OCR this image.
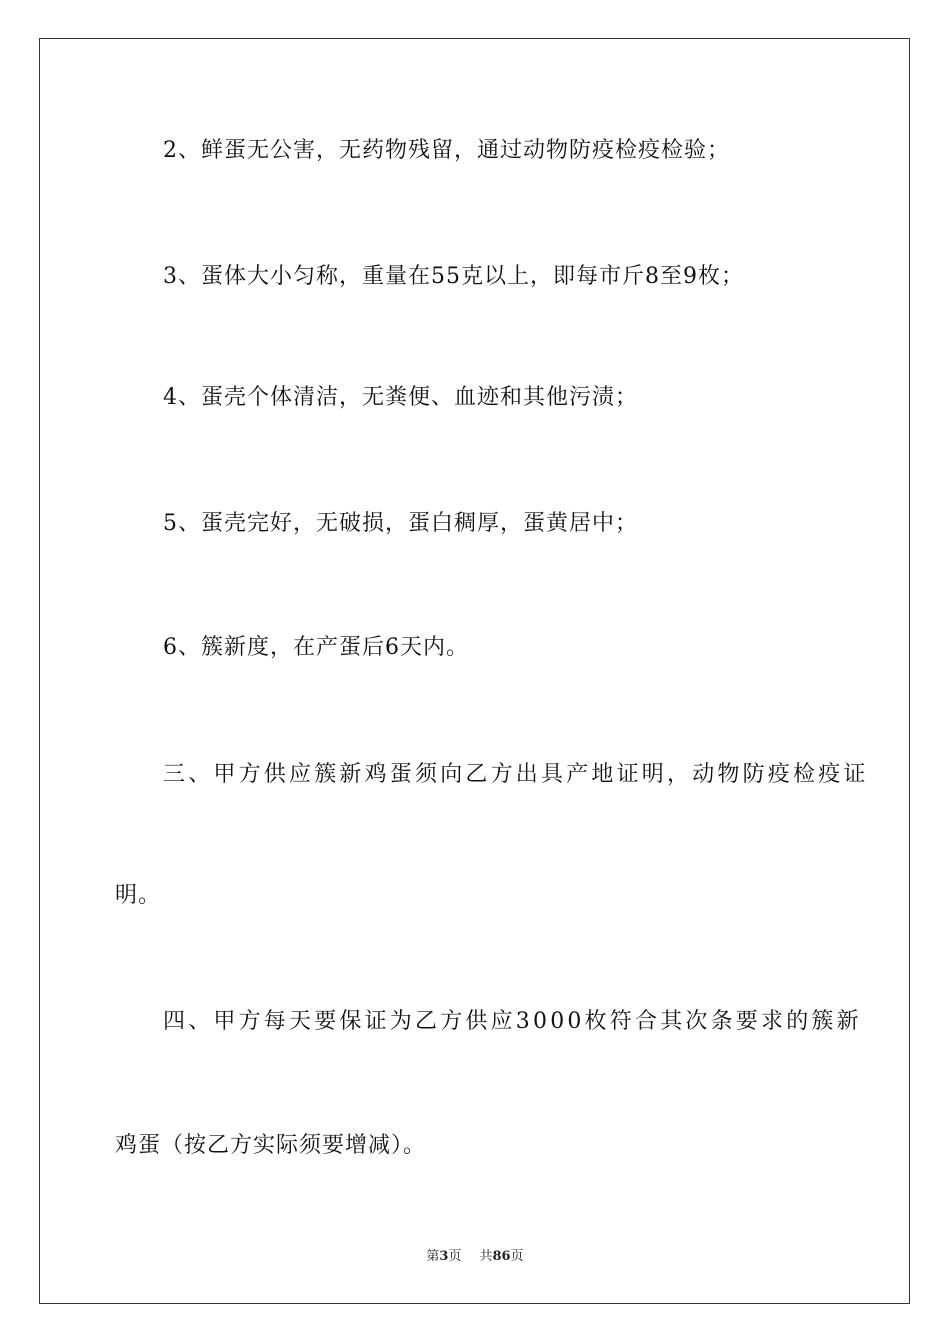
2、鲜蛋无公害，无药物残留，通过动物防疫检疫检验；
3、蛋体大小匀称，重量在55克以上，即每市斤8至9枚；
4、蛋壳个体清洁，无粪便、血迹和其他污渍；
5、蛋壳完好，无破损，蛋白稠厚，蛋黄居中；
6、簇新度，在产蛋后6天内。
三、甲方供应簇新鸡蛋须向乙方出具产地证明，动物防疫检疫证
明。
四、甲方每天要保证为乙方供应3000枚符合其次条要求的簇新
鸡蛋（按乙方实际须要增减）。
第3页 共86页
